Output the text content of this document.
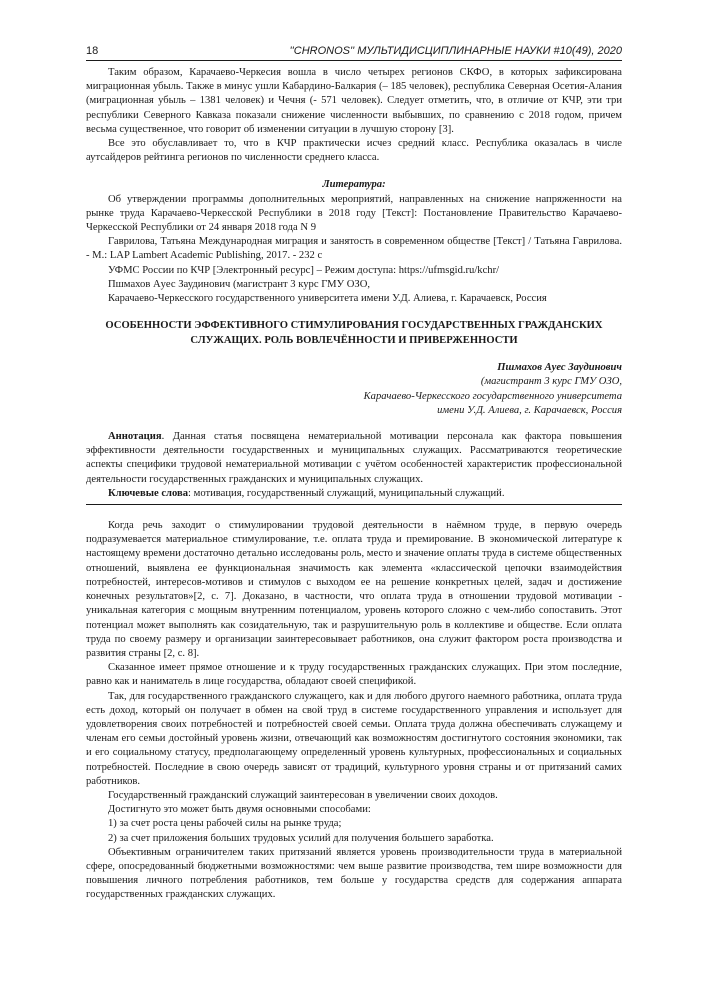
18	''CHRONOS'' МУЛЬТИДИСЦИПЛИНАРНЫЕ НАУКИ #10(49), 2020

Таким образом, Карачаево-Черкесия вошла в число четырех регионов СКФО, в которых зафиксирована миграционная убыль. Также в минус ушли Кабардино-Балкария (– 185 человек), республика Северная Осетия-Алания (миграционная убыль – 1381 человек) и Чечня (- 571 человек). Следует отметить, что, в отличие от КЧР, эти три республики Северного Кавказа показали снижение численности выбывших, по сравнению с 2018 годом, причем весьма существенное, что говорит об изменении ситуации в лучшую сторону [3].

Все это обуславливает то, что в КЧР практически исчез средний класс. Республика оказалась в числе аутсайдеров рейтинга регионов по численности среднего класса.

Литература:

Об утверждении программы дополнительных мероприятий, направленных на снижение напряженности на рынке труда Карачаево-Черкесской Республики в 2018 году [Текст]: Постановление Правительство Карачаево-Черкесской Республики от 24 января 2018 года N 9

Гаврилова, Татьяна Международная миграция и занятость в современном обществе [Текст] / Татьяна Гаврилова. - М.: LAP Lambert Academic Publishing, 2017. - 232 с

УФМС России по КЧР [Электронный ресурс] – Режим доступа: https://ufmsgid.ru/kchr/

Пшмахов Аyес Заудинович (магистрант 3 курс ГМУ ОЗО,

Карачаево-Черкесского государственного университета имени У.Д. Алиева, г. Карачаевск, Россия

ОСОБЕННОСТИ ЭФФЕКТИВНОГО СТИМУЛИРОВАНИЯ ГОСУДАРСТВЕННЫХ ГРАЖДАНСКИХ СЛУЖАЩИХ. РОЛЬ ВОВЛЕЧЁННОСТИ И ПРИВЕРЖЕННОСТИ
Пшмахов Аyес Заудинович
(магистрант 3 курс ГМУ ОЗО,
Карачаево-Черкесского государственного университета
имени У.Д. Алиева, г. Карачаевск, Россия

Аннотация. Данная статья посвящена нематериальной мотивации персонала как фактора повышения эффективности деятельности государственных и муниципальных служащих. Рассматриваются теоретические аспекты специфики трудовой нематериальной мотивации с учётом особенностей характеристик профессиональной деятельности государственных гражданских и муниципальных служащих.

Ключевые слова: мотивация, государственный служащий, муниципальный служащий.

Когда речь заходит о стимулировании трудовой деятельности в наёмном труде, в первую очередь подразумевается материальное стимулирование, т.е. оплата труда и премирование. В экономической литературе к настоящему времени достаточно детально исследованы роль, место и значение оплаты труда в системе общественных отношений, выявлена ее функциональная значимость как элемента «классической цепочки взаимодействия потребностей, интересов-мотивов и стимулов с выходом ее на решение конкретных целей, задач и достижение конечных результатов»[2, с. 7]. Доказано, в частности, что оплата труда в отношении трудовой мотивации - уникальная категория с мощным внутренним потенциалом, уровень которого сложно с чем-либо сопоставить. Этот потенциал может выполнять как созидательную, так и разрушительную роль в коллективе и обществе. Если оплата труда по своему размеру и организации заинтересовывает работников, она служит фактором роста производства и развития страны [2, с. 8].

Сказанное имеет прямое отношение и к труду государственных гражданских служащих. При этом последние, равно как и наниматель в лице государства, обладают своей спецификой.

Так, для государственного гражданского служащего, как и для любого другого наемного работника, оплата труда есть доход, который он получает в обмен на свой труд в системе государственного управления и использует для удовлетворения своих потребностей и потребностей своей семьи. Оплата труда должна обеспечивать служащему и членам его семьи достойный уровень жизни, отвечающий как возможностям достигнутого состояния экономики, так и его социальному статусу, предполагающему определенный уровень культурных, профессиональных и социальных потребностей. Последние в свою очередь зависят от традиций, культурного уровня страны и от притязаний самих работников.

Государственный гражданский служащий заинтересован в увеличении своих доходов.

Достигнуто это может быть двумя основными способами:

1) за счет роста цены рабочей силы на рынке труда;

2) за счет приложения больших трудовых усилий для получения большего заработка.

Объективным ограничителем таких притязаний является уровень производительности труда в материальной сфере, опосредованный бюджетными возможностями: чем выше развитие производства, тем шире возможности для повышения личного потребления работников, тем больше у государства средств для содержания аппарата государственных гражданских служащих.
